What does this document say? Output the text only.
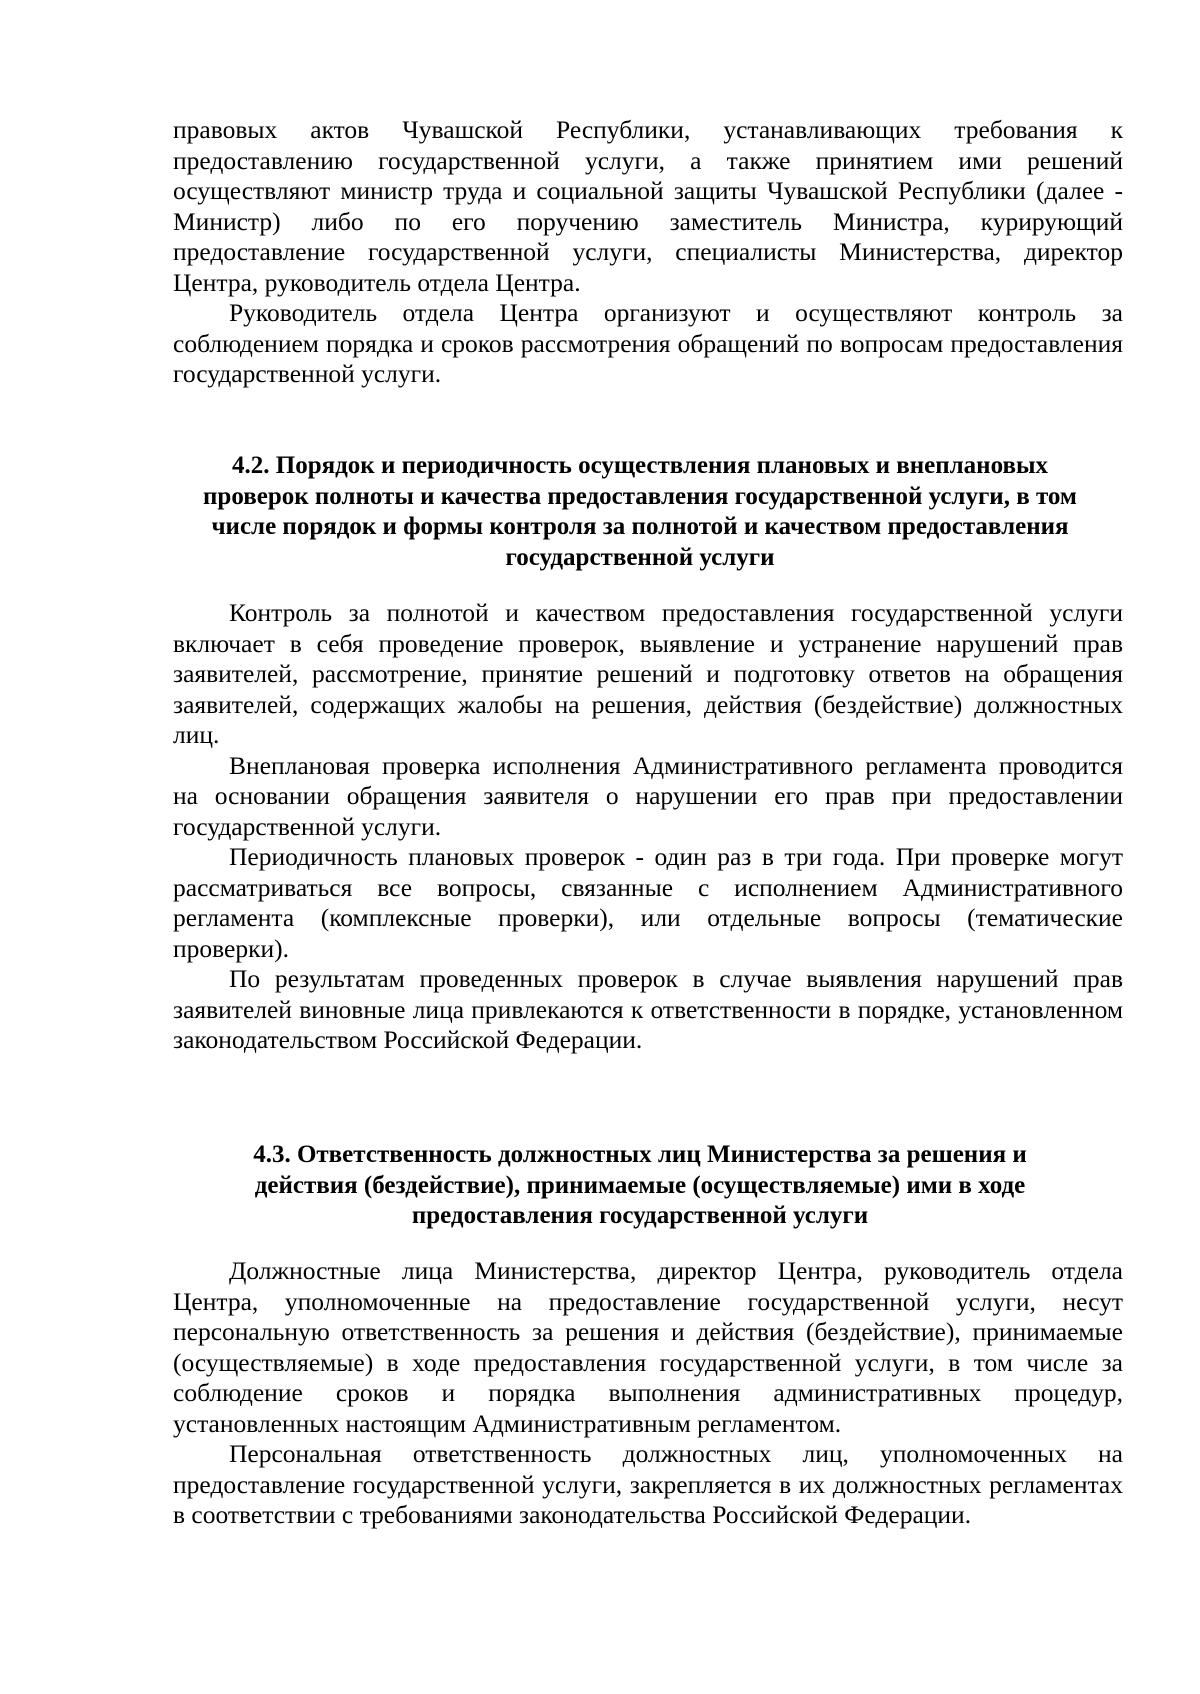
правовых актов Чувашской Республики, устанавливающих требования к предоставлению государственной услуги, а также принятием ими решений осуществляют министр труда и социальной защиты Чувашской Республики (далее - Министр) либо по его поручению заместитель Министра, курирующий предоставление государственной услуги, специалисты Министерства, директор Центра, руководитель отдела Центра.

Руководитель отдела Центра организуют и осуществляют контроль за соблюдением порядка и сроков рассмотрения обращений по вопросам предоставления государственной услуги.

4.2. Порядок и периодичность осуществления плановых и внеплановых
проверок полноты и качества предоставления государственной услуги, в том
числе порядок и формы контроля за полнотой и качеством предоставления
государственной услуги

Контроль за полнотой и качеством предоставления государственной услуги включает в себя проведение проверок, выявление и устранение нарушений прав заявителей, рассмотрение, принятие решений и подготовку ответов на обращения заявителей, содержащих жалобы на решения, действия (бездействие) должностных лиц.

Внеплановая проверка исполнения Административного регламента проводится на основании обращения заявителя о нарушении его прав при предоставлении государственной услуги.

Периодичность плановых проверок - один раз в три года. При проверке могут рассматриваться все вопросы, связанные с исполнением Административного регламента (комплексные проверки), или отдельные вопросы (тематические проверки).

По результатам проведенных проверок в случае выявления нарушений прав заявителей виновные лица привлекаются к ответственности в порядке, установленном законодательством Российской Федерации.

4.3. Ответственность должностных лиц Министерства за решения и
действия (бездействие), принимаемые (осуществляемые) ими в ходе
предоставления государственной услуги

Должностные лица Министерства, директор Центра, руководитель отдела Центра, уполномоченные на предоставление государственной услуги, несут персональную ответственность за решения и действия (бездействие), принимаемые (осуществляемые) в ходе предоставления государственной услуги, в том числе за соблюдение сроков и порядка выполнения административных процедур, установленных настоящим Административным регламентом.

Персональная ответственность должностных лиц, уполномоченных на предоставление государственной услуги, закрепляется в их должностных регламентах в соответствии с требованиями законодательства Российской Федерации.
